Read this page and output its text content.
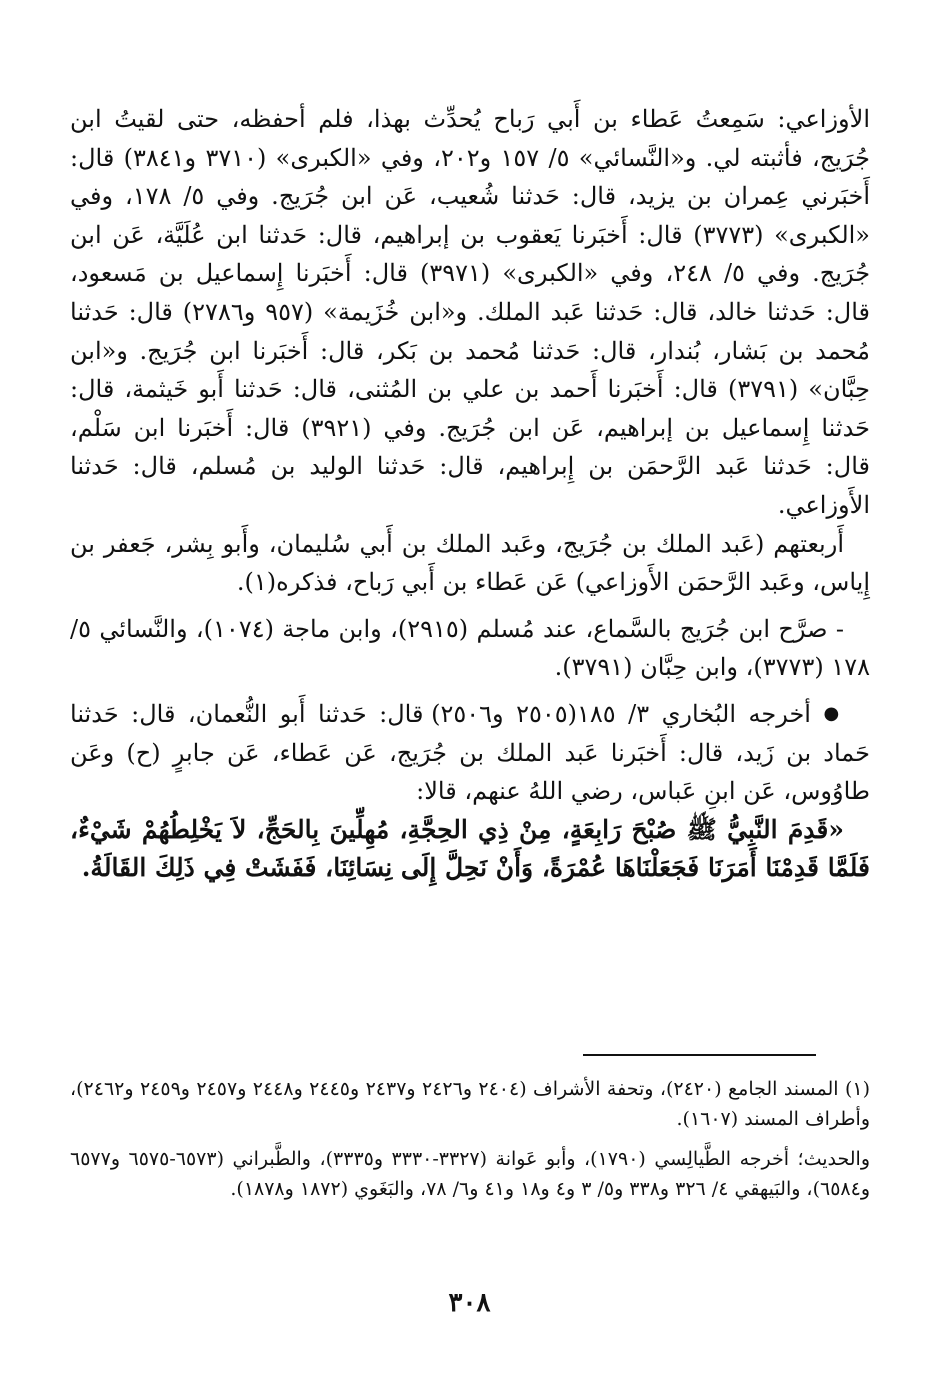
الأوزاعي: سَمِعتُ عَطاء بن أَبي رَباح يُحدِّث بهذا، فلم أحفظه، حتى لقيتُ ابن جُرَيج، فأثبته لي. و«النَّسائي» ٥/ ١٥٧ و٢٠٢، وفي «الكبرى» (٣٧١٠ و٣٨٤١) قال: أَخبَرني عِمران بن يزيد، قال: حَدثنا شُعيب، عَن ابن جُرَيج. وفي ٥/ ١٧٨، وفي «الكبرى» (٣٧٧٣) قال: أَخبَرنا يَعقوب بن إبراهيم، قال: حَدثنا ابن عُلَيَّة، عَن ابن جُرَيج. وفي ٥/ ٢٤٨، وفي «الكبرى» (٣٩٧١) قال: أَخبَرنا إِسماعيل بن مَسعود، قال: حَدثنا خالد، قال: حَدثنا عَبد الملك. و«ابن خُزَيمة» (٩٥٧ و٢٧٨٦) قال: حَدثنا مُحمد بن بَشار، بُندار، قال: حَدثنا مُحمد بن بَكر، قال: أَخبَرنا ابن جُرَيج. و«ابن حِبَّان» (٣٧٩١) قال: أَخبَرنا أَحمد بن علي بن المُثنى، قال: حَدثنا أَبو خَيثمة، قال: حَدثنا إِسماعيل بن إبراهيم، عَن ابن جُرَيج. وفي (٣٩٢١) قال: أَخبَرنا ابن سَلْم، قال: حَدثنا عَبد الرَّحمَن بن إِبراهيم، قال: حَدثنا الوليد بن مُسلم، قال: حَدثنا الأَوزاعي.

أَربعتهم (عَبد الملك بن جُرَيج، وعَبد الملك بن أَبي سُليمان، وأَبو بِشر، جَعفر بن إِياس، وعَبد الرَّحمَن الأَوزاعي) عَن عَطاء بن أَبي رَباح، فذكره(١).

- صرَّح ابن جُرَيج بالسَّماع، عند مُسلم (٢٩١٥)، وابن ماجة (١٠٧٤)، والنَّسائي ٥/ ١٧٨ (٣٧٧٣)، وابن حِبَّان (٣٧٩١).

● أخرجه البُخاري ٣/ ١٨٥(٢٥٠٥ و٢٥٠٦) قال: حَدثنا أَبو النُّعمان، قال: حَدثنا حَماد بن زَيد، قال: أَخبَرنا عَبد الملك بن جُرَيج، عَن عَطاء، عَن جابرٍ (ح) وعَن طاوُوس، عَن ابنِ عَباس، رضي اللهُ عنهم، قالا:

«قَدِمَ النَّبِيُّ ﷺ صُبْحَ رَابِعَةٍ، مِنْ ذِي الحِجَّةِ، مُهِلِّينَ بِالحَجِّ، لاَ يَخْلِطُهُمْ شَيْءٌ، فَلَمَّا قَدِمْنَا أَمَرَنَا فَجَعَلْنَاهَا عُمْرَةً، وَأَنْ نَحِلَّ إِلَى نِسَائِنَا، فَفَشَتْ فِي ذَلِكَ القَالَةُ.

(١) المسند الجامع (٢٤٢٠)، وتحفة الأشراف (٢٤٠٤ و٢٤٢٦ و٢٤٣٧ و٢٤٤٥ و٢٤٤٨ و٢٤٥٧ و٢٤٥٩ و٢٤٦٢)، وأطراف المسند (١٦٠٧).

والحديث؛ أخرجه الطَّيالِسي (١٧٩٠)، وأبو عَوانة (٣٣٢٧-٣٣٣٠ و٣٣٣٥)، والطَّبراني (٦٥٧٣-٦٥٧٥ و٦٥٧٧ و٦٥٨٤)، والبَيهقي ٤/ ٣٢٦ و٣٣٨ و٥/ ٣ و٤ و١٨ و٤١ و٦/ ٧٨، والبَغَوي (١٨٧٢ و١٨٧٨).

٣٠٨
